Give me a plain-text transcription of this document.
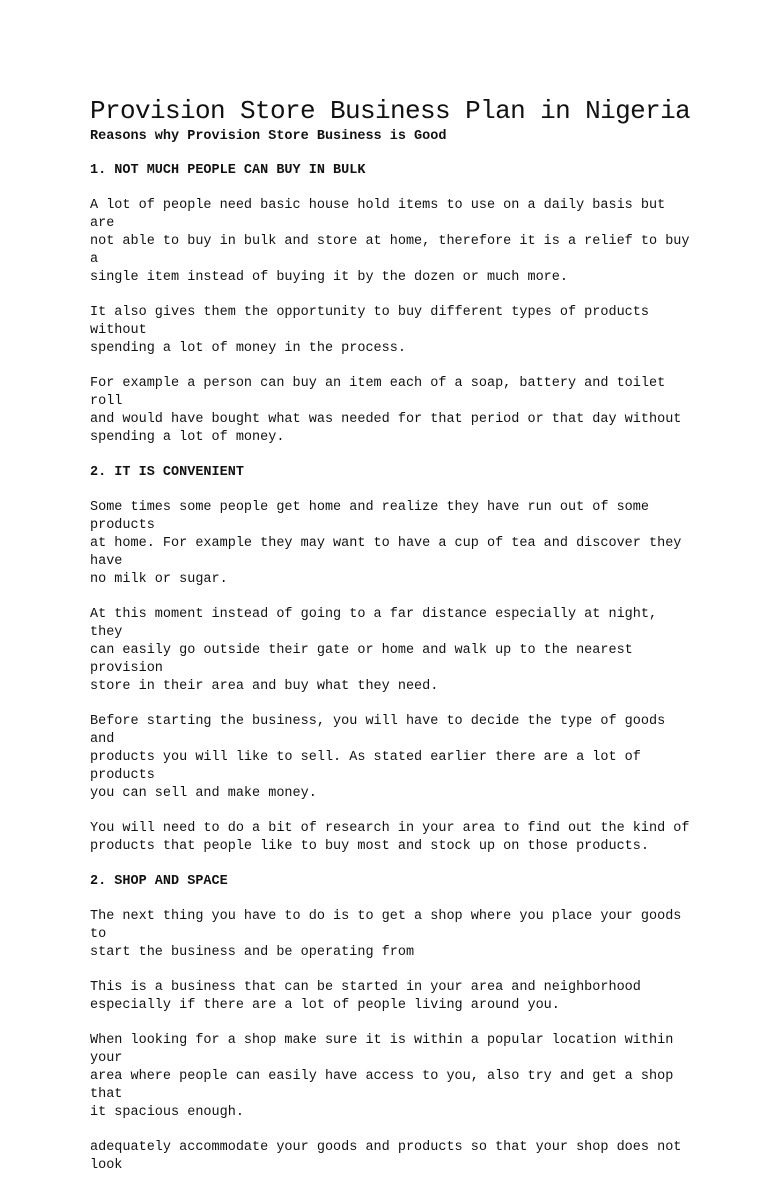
Provision Store Business Plan in Nigeria
Reasons why Provision Store Business is Good
1. NOT MUCH PEOPLE CAN BUY IN BULK

A lot of people need basic house hold items to use on a daily basis but are
not able to buy in bulk and store at home, therefore it is a relief to buy a
single item instead of buying it by the dozen or much more.

It also gives them the opportunity to buy different types of products without
spending a lot of money in the process.

For example a person can buy an item each of a soap, battery and toilet roll
and would have bought what was needed for that period or that day without
spending a lot of money.

2. IT IS CONVENIENT

Some times some people get home and realize they have run out of some products
at home. For example they may want to have a cup of tea and discover they have
no milk or sugar.

At this moment instead of going to a far distance especially at night, they
can easily go outside their gate or home and walk up to the nearest provision
store in their area and buy what they need.

Before starting the business, you will have to decide the type of goods and
products you will like to sell. As stated earlier there are a lot of products
you can sell and make money.

You will need to do a bit of research in your area to find out the kind of
products that people like to buy most and stock up on those products.

2. SHOP AND SPACE

The next thing you have to do is to get a shop where you place your goods to
start the business and be operating from

This is a business that can be started in your area and neighborhood
especially if there are a lot of people living around you.

When looking for a shop make sure it is within a popular location within your
area where people can easily have access to you, also try and get a shop that
it spacious enough.

adequately accommodate your goods and products so that your shop does not look
